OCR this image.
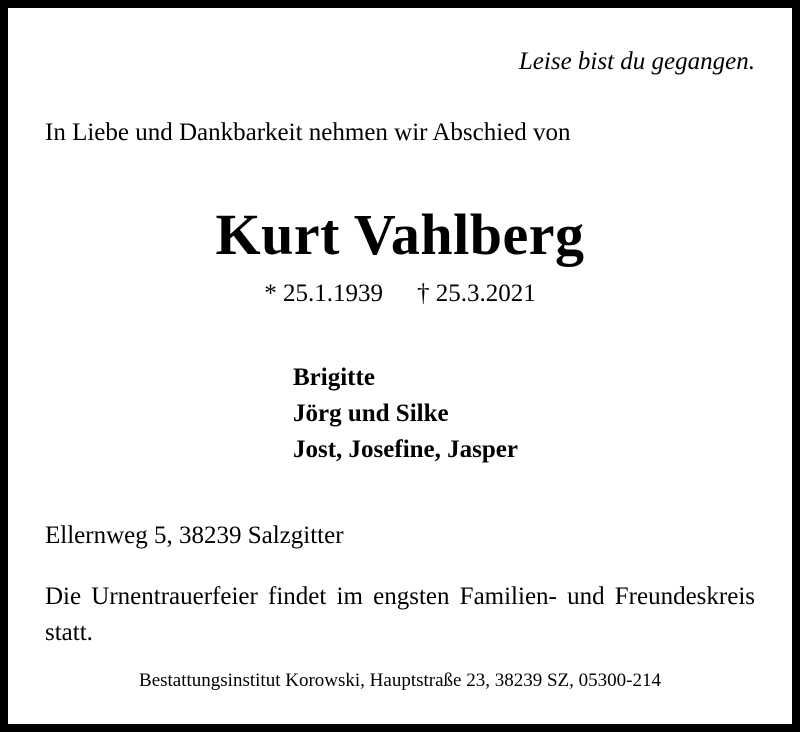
Leise bist du gegangen.

In Liebe und Dankbarkeit nehmen wir Abschied von

Kurt Vahlberg

* 25.1.1939 † 25.3.2021

Brigitte
Jörg und Silke
Jost, Josefine, Jasper

Ellernweg 5, 38239 Salzgitter

Die Urnentrauerfeier findet im engsten Familien- und Freundeskreis statt.

Bestattungsinstitut Korowski, Hauptstraße 23, 38239 SZ, 05300-214
